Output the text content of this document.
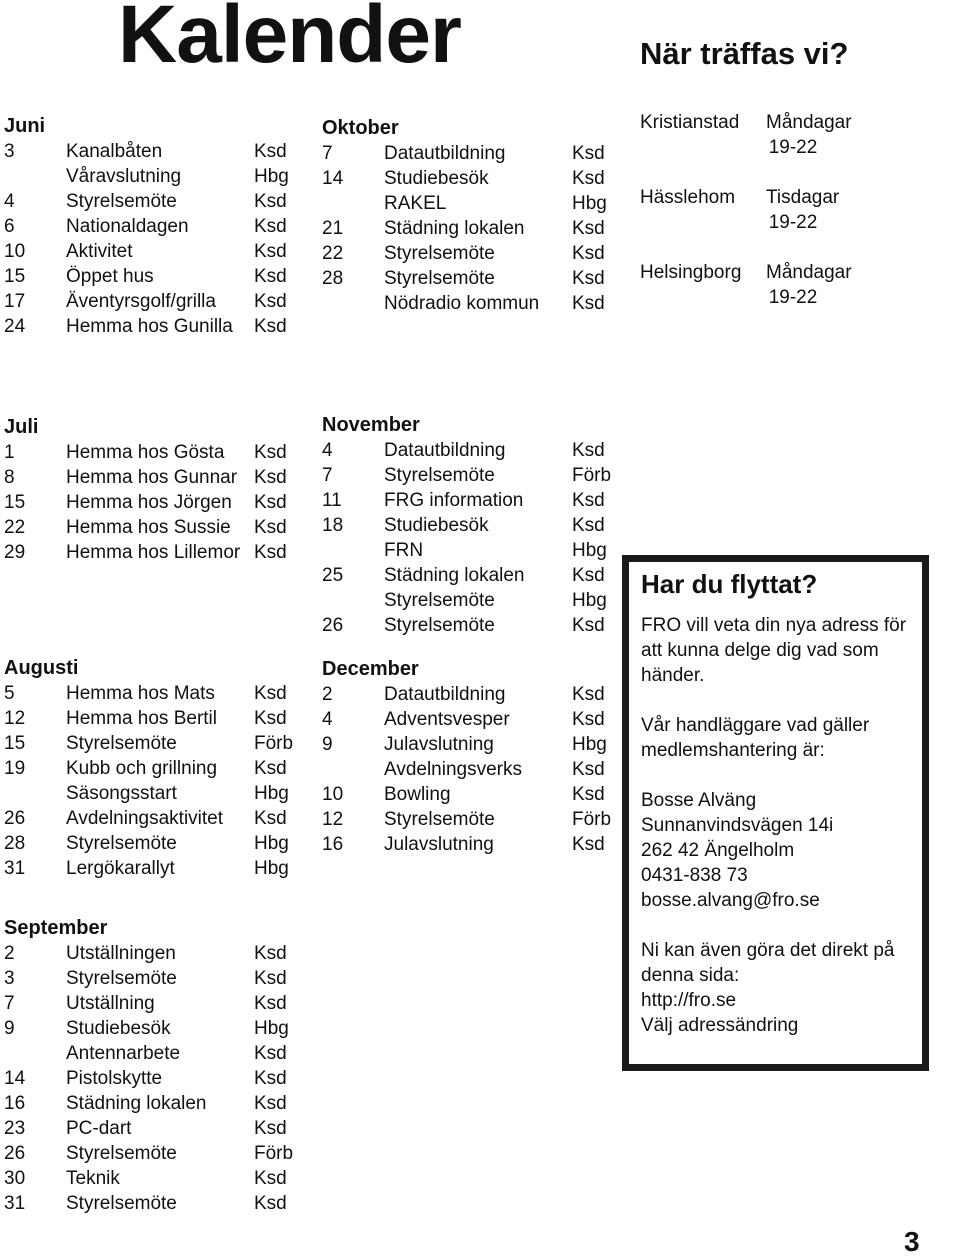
Kalender	När träffas vi?
Juni
3	Kanalbåten	Ksd
Våravslutning	Hbg
4	Styrelsemöte	Ksd
6	Nationaldagen	Ksd
10 Aktivitet	Ksd
15 Öppet hus	Ksd
17 Äventyrsgolf/grilla Ksd
24 Hemma hos Gunilla Ksd
Juli
1	Hemma hos Gösta Ksd
8	Hemma hos Gunnar Ksd
15 Hemma hos Jörgen Ksd
22 Hemma hos Sussie Ksd
29 Hemma hos Lillemor Ksd
Augusti
5	Hemma hos Mats Ksd
12 Hemma hos Bertil Ksd
15 Styrelsemöte	Förb
19 Kubb och grillning Ksd
Säsongsstart	Hbg
26 Avdelningsaktivitet Ksd
28 Styrelsemöte	Hbg
31 Lergökarallyt	Hbg
September
2	Utställningen	Ksd
3	Styrelsemöte	Ksd
7	Utställning	Ksd
9	Studiebesök	Hbg
Antennarbete	Ksd
14 Pistolskytte	Ksd
16 Städning lokalen	Ksd
23 PC-dart	Ksd
26 Styrelsemöte	Förb
30 Teknik	Ksd
31 Styrelsemöte	Ksd
Oktober
7	Datautbildning	Ksd
14 Studiebesök	Ksd
RAKEL	Hbg
21 Städning lokalen	Ksd
22 Styrelsemöte	Ksd
28 Styrelsemöte	Ksd
Nödradio kommun Ksd
November
4	Datautbildning	Ksd
7	Styrelsemöte	Förb
11 FRG information	Ksd
18 Studiebesök	Ksd
FRN	Hbg
25 Städning lokalen	Ksd
Styrelsemöte	Hbg
26 Styrelsemöte	Ksd
December
2	Datautbildning	Ksd
4	Adventsvesper	Ksd
9	Julavslutning	Hbg
Avdelningsverks	Ksd
10 Bowling	Ksd
12 Styrelsemöte	Förb
16 Julavslutning	Ksd
Kristianstad Måndagar
19-22
Hässlehom Tisdagar
19-22
Helsingborg Måndagar
19-22
Har du flyttat?

FRO vill veta din nya adress för

att kunna delge dig vad som

händer.

Vår handläggare vad gäller

medlemshantering är:

Bosse Alväng

Sunnanvindsvägen 14i

262 42 Ängelholm

0431-838 73

bosse.alvang@fro.se

Ni kan även göra det direkt på

denna sida:

http://fro.se

Välj adressändring

3
